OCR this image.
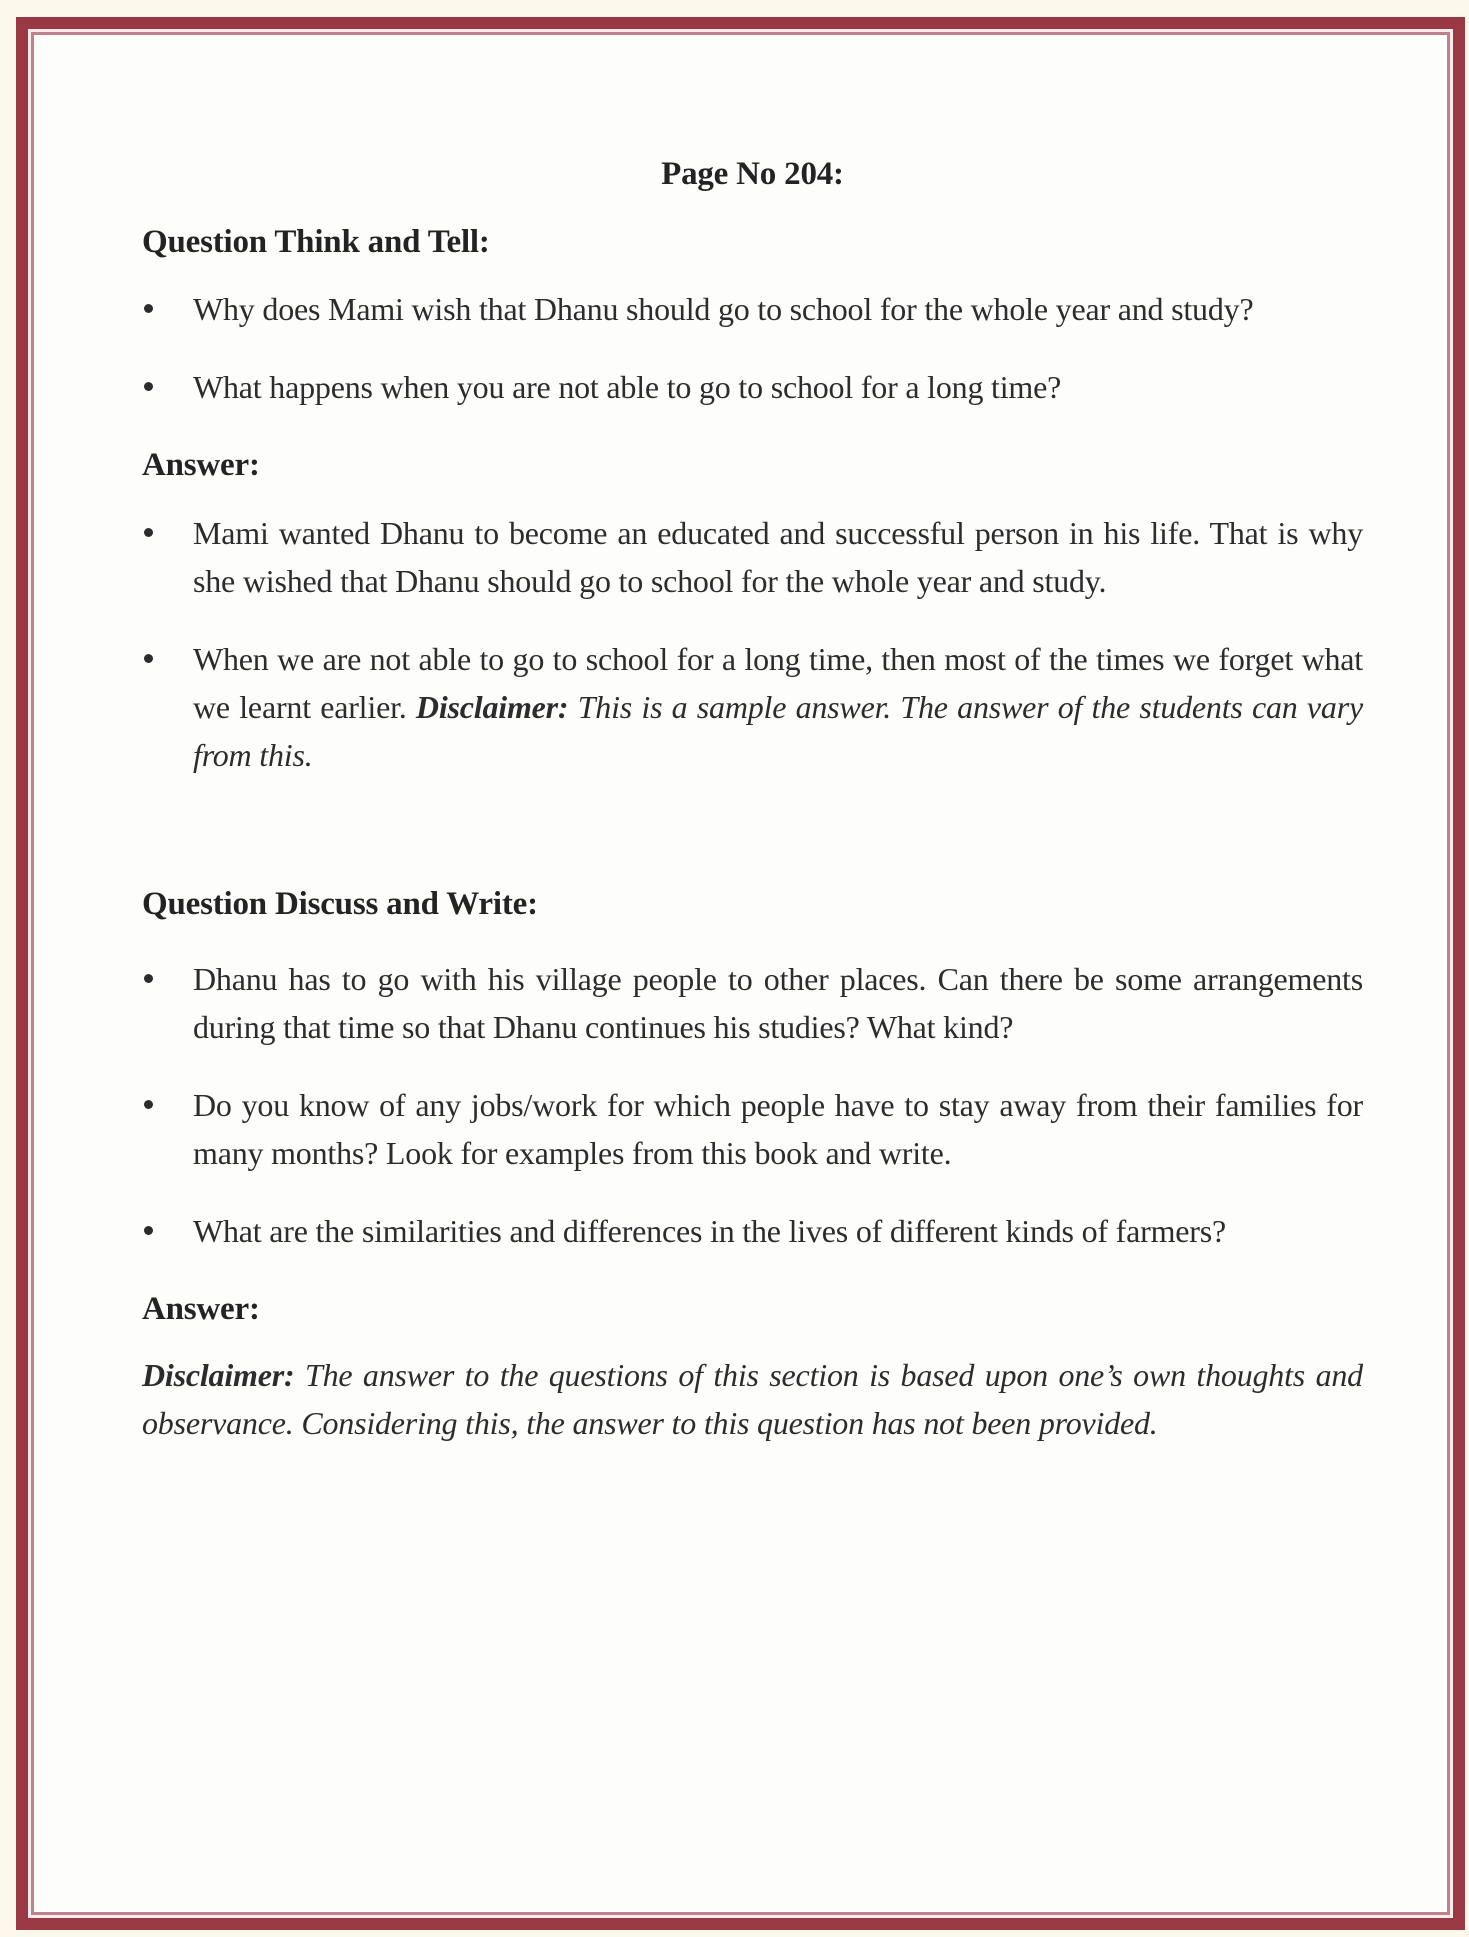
Page No 204:
Question Think and Tell:

Why does Mami wish that Dhanu should go to school for the whole year and study?

What happens when you are not able to go to school for a long time?

Answer:

Mami wanted Dhanu to become an educated and successful person in his life. That is why she wished that Dhanu should go to school for the whole year and study.

When we are not able to go to school for a long time, then most of the times we forget what we learnt earlier. Disclaimer: This is a sample answer. The answer of the students can vary from this.

Question Discuss and Write:

Dhanu has to go with his village people to other places. Can there be some arrangements during that time so that Dhanu continues his studies? What kind?

Do you know of any jobs/work for which people have to stay away from their families for many months? Look for examples from this book and write.

What are the similarities and differences in the lives of different kinds of farmers?

Answer:

Disclaimer: The answer to the questions of this section is based upon one’s own thoughts and observance. Considering this, the answer to this question has not been provided.
